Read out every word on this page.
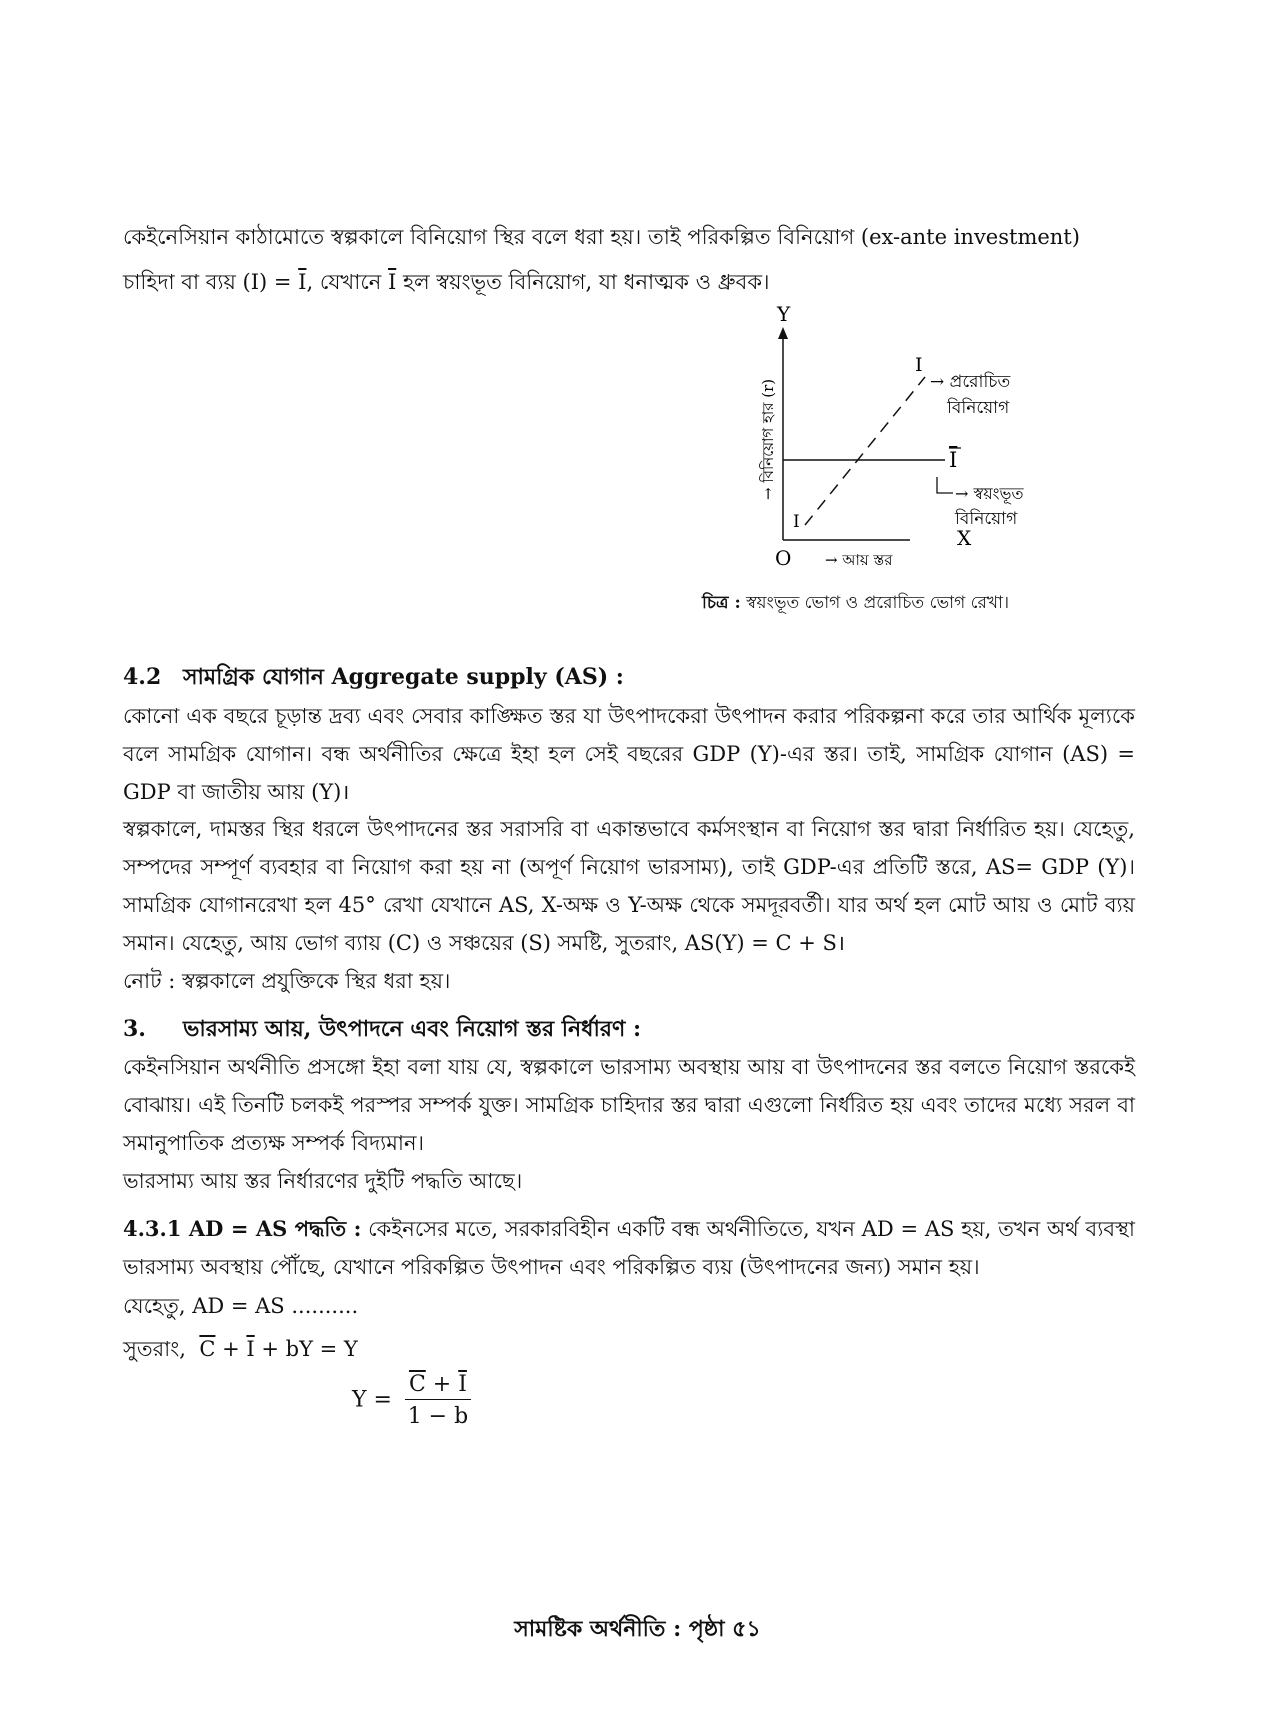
কেইনেসিয়ান কাঠামোতে স্বল্পকালে বিনিয়োগ স্থির বলে ধরা হয়। তাই পরিকল্পিত বিনিয়োগ (ex-ante investment)

চাহিদা বা ব্যয় $(I) = \overline{I}$, যেখানে $\overline{I}$ হল স্বয়ংভূত বিনিয়োগ, যা ধনাত্মক ও ধ্রুবক।

Y
X
O
→ বিনিয়োগ হার (r)
→ আয় স্তর
I
I
I
→ প্ররোচিত
বিনিয়োগ
→ স্বয়ংভূত
বিনিয়োগ
চিত্র : স্বয়ংভূত ভোগ ও প্ররোচিত ভোগ রেখা।
4.2 সামগ্রিক যোগান Aggregate supply (AS) :

কোনো এক বছরে চূড়ান্ত দ্রব্য এবং সেবার কাঙ্ক্ষিত স্তর যা উৎপাদকেরা উৎপাদন করার পরিকল্পনা করে তার আর্থিক মূল্যকে বলে সামগ্রিক যোগান। বন্ধ অর্থনীতির ক্ষেত্রে ইহা হল সেই বছরের GDP (Y)-এর স্তর। তাই, সামগ্রিক যোগান (AS) = GDP বা জাতীয় আয় (Y)।

স্বল্পকালে, দামস্তর স্থির ধরলে উৎপাদনের স্তর সরাসরি বা একান্তভাবে কর্মসংস্থান বা নিয়োগ স্তর দ্বারা নির্ধারিত হয়। যেহেতু, সম্পদের সম্পূর্ণ ব্যবহার বা নিয়োগ করা হয় না (অপূর্ণ নিয়োগ ভারসাম্য), তাই GDP-এর প্রতিটি স্তরে, AS= GDP (Y)। সামগ্রিক যোগানরেখা হল 45° রেখা যেখানে AS, X-অক্ষ ও Y-অক্ষ থেকে সমদূরবর্তী। যার অর্থ হল মোট আয় ও মোট ব্যয় সমান। যেহেতু, আয় ভোগ ব্যায় (C) ও সঞ্চয়ের (S) সমষ্টি, সুতরাং, AS(Y) = C + S।

নোট : স্বল্পকালে প্রযুক্তিকে স্থির ধরা হয়।

3. ভারসাম্য আয়, উৎপাদনে এবং নিয়োগ স্তর নির্ধারণ :

কেইনসিয়ান অর্থনীতি প্রসঙ্গো ইহা বলা যায় যে, স্বল্পকালে ভারসাম্য অবস্থায় আয় বা উৎপাদনের স্তর বলতে নিয়োগ স্তরকেই বোঝায়। এই তিনটি চলকই পরস্পর সম্পর্ক যুক্ত। সামগ্রিক চাহিদার স্তর দ্বারা এগুলো নির্ধরিত হয় এবং তাদের মধ্যে সরল বা সমানুপাতিক প্রত্যক্ষ সম্পর্ক বিদ্যমান।

ভারসাম্য আয় স্তর নির্ধারণের দুইটি পদ্ধতি আছে।

4.3.1 AD = AS পদ্ধতি : কেইনসের মতে, সরকারবিহীন একটি বন্ধ অর্থনীতিতে, যখন AD = AS হয়, তখন অর্থ ব্যবস্থা ভারসাম্য অবস্থায় পৌঁছে, যেখানে পরিকল্পিত উৎপাদন এবং পরিকল্পিত ব্যয় (উৎপাদনের জন্য) সমান হয়।

যেহেতু, AD = AS ..........

সুতরাং, $\overline{C} + \overline{I}$ + bY = Y

$Y = \frac{\overline{C} + \overline{I}}{1 - b}$
সামষ্টিক অর্থনীতি : পৃষ্ঠা ৫১
